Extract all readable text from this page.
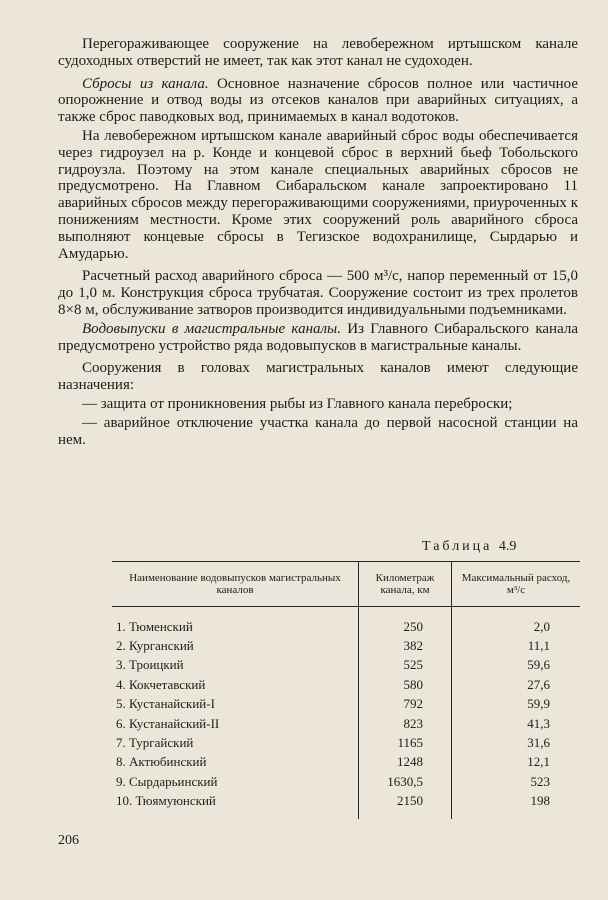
Перегораживающее сооружение на левобережном иртышском канале судоходных отверстий не имеет, так как этот канал не судоходен.

Сбросы из канала. Основное назначение сбросов полное или частичное опорожнение и отвод воды из отсеков каналов при аварийных ситуациях, а также сброс паводковых вод, принимаемых в канал водотоков.

На левобережном иртышском канале аварийный сброс воды обеспечивается через гидроузел на р. Конде и концевой сброс в верхний бьеф Тобольского гидроузла. Поэтому на этом канале специальных аварийных сбросов не предусмотрено. На Главном Сибаральском канале запроектировано 11 аварийных сбросов между перегораживающими сооружениями, приуроченных к понижениям местности. Кроме этих сооружений роль аварийного сброса выполняют концевые сбросы в Тегизское водохранилище, Сырдарью и Амударью.

Расчетный расход аварийного сброса — 500 м³/с, напор переменный от 15,0 до 1,0 м. Конструкция сброса трубчатая. Сооружение состоит из трех пролетов 8×8 м, обслуживание затворов производится индивидуальными подъемниками.

Водовыпуски в магистральные каналы. Из Главного Сибаральского канала предусмотрено устройство ряда водовыпусков в магистральные каналы.

Сооружения в головах магистральных каналов имеют следующие назначения:

— защита от проникновения рыбы из Главного канала переброски;

— аварийное отключение участка канала до первой насосной станции на нем.

Таблица 4.9
Наименование водовыпусков магистральных каналов	Километраж канала, км	Максимальный расход, м³/с

1. Тюменский	250	2,0
2. Курганский	382	11,1
3. Троицкий	525	59,6
4. Кокчетавский	580	27,6
5. Кустанайский-I	792	59,9
6. Кустанайский-II	823	41,3
7. Тургайский	1165	31,6
8. Актюбинский	1248	12,1
9. Сырдарьинский	1630,5	523
10. Тюямуюнский	2150	198
206
